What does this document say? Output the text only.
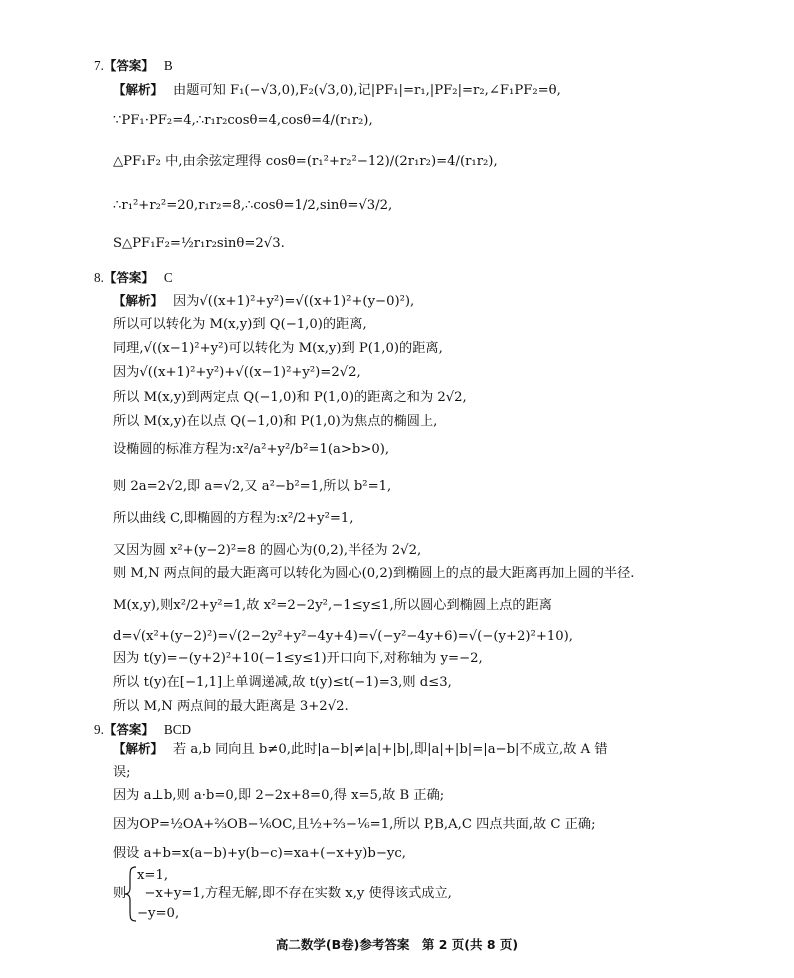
7.【答案】 B
【解析】 由题可知 F₁(−√3,0),F₂(√3,0),记|PF₁|=r₁,|PF₂|=r₂,∠F₁PF₂=θ,
∵PF₁·PF₂=4,∴r₁r₂cosθ=4,cosθ=4/(r₁r₂),
△PF₁F₂ 中,由余弦定理得 cosθ=(r₁²+r₂²−12)/(2r₁r₂)=4/(r₁r₂),
∴r₁²+r₂²=20,r₁r₂=8,∴cosθ=1/2,sinθ=√3/2,
S△PF₁F₂=½r₁r₂sinθ=2√3.
8.【答案】 C
【解析】 因为√((x+1)²+y²)=√((x+1)²+(y−0)²),
所以可以转化为 M(x,y)到 Q(−1,0)的距离,
同理,√((x−1)²+y²)可以转化为 M(x,y)到 P(1,0)的距离,
因为√((x+1)²+y²)+√((x−1)²+y²)=2√2,
所以 M(x,y)到两定点 Q(−1,0)和 P(1,0)的距离之和为 2√2,
所以 M(x,y)在以点 Q(−1,0)和 P(1,0)为焦点的椭圆上,
设椭圆的标准方程为:x²/a²+y²/b²=1(a>b>0),
则 2a=2√2,即 a=√2,又 a²−b²=1,所以 b²=1,
所以曲线 C,即椭圆的方程为:x²/2+y²=1,
又因为圆 x²+(y−2)²=8 的圆心为(0,2),半径为 2√2,
则 M,N 两点间的最大距离可以转化为圆心(0,2)到椭圆上的点的最大距离再加上圆的半径.
M(x,y),则x²/2+y²=1,故 x²=2−2y²,−1≤y≤1,所以圆心到椭圆上点的距离
d=√(x²+(y−2)²)=√(2−2y²+y²−4y+4)=√(−y²−4y+6)=√(−(y+2)²+10),
因为 t(y)=−(y+2)²+10(−1≤y≤1)开口向下,对称轴为 y=−2,
所以 t(y)在[−1,1]上单调递减,故 t(y)≤t(−1)=3,则 d≤3,
所以 M,N 两点间的最大距离是 3+2√2.
9.【答案】 BCD
【解析】 若 a,b 同向且 b≠0,此时|a−b|≠|a|+|b|,即|a|+|b|=|a−b|不成立,故 A 错
误;
因为 a⊥b,则 a·b=0,即 2−2x+8=0,得 x=5,故 B 正确;
因为OP=½OA+⅔OB−⅙OC,且½+⅔−⅙=1,所以 P,B,A,C 四点共面,故 C 正确;
假设 a+b=x(a−b)+y(b−c)=xa+(−x+y)b−yc,
x=1,
则 −x+y=1,方程无解,即不存在实数 x,y 使得该式成立,
−y=0,
高二数学(B卷)参考答案　第 2 页(共 8 页)
